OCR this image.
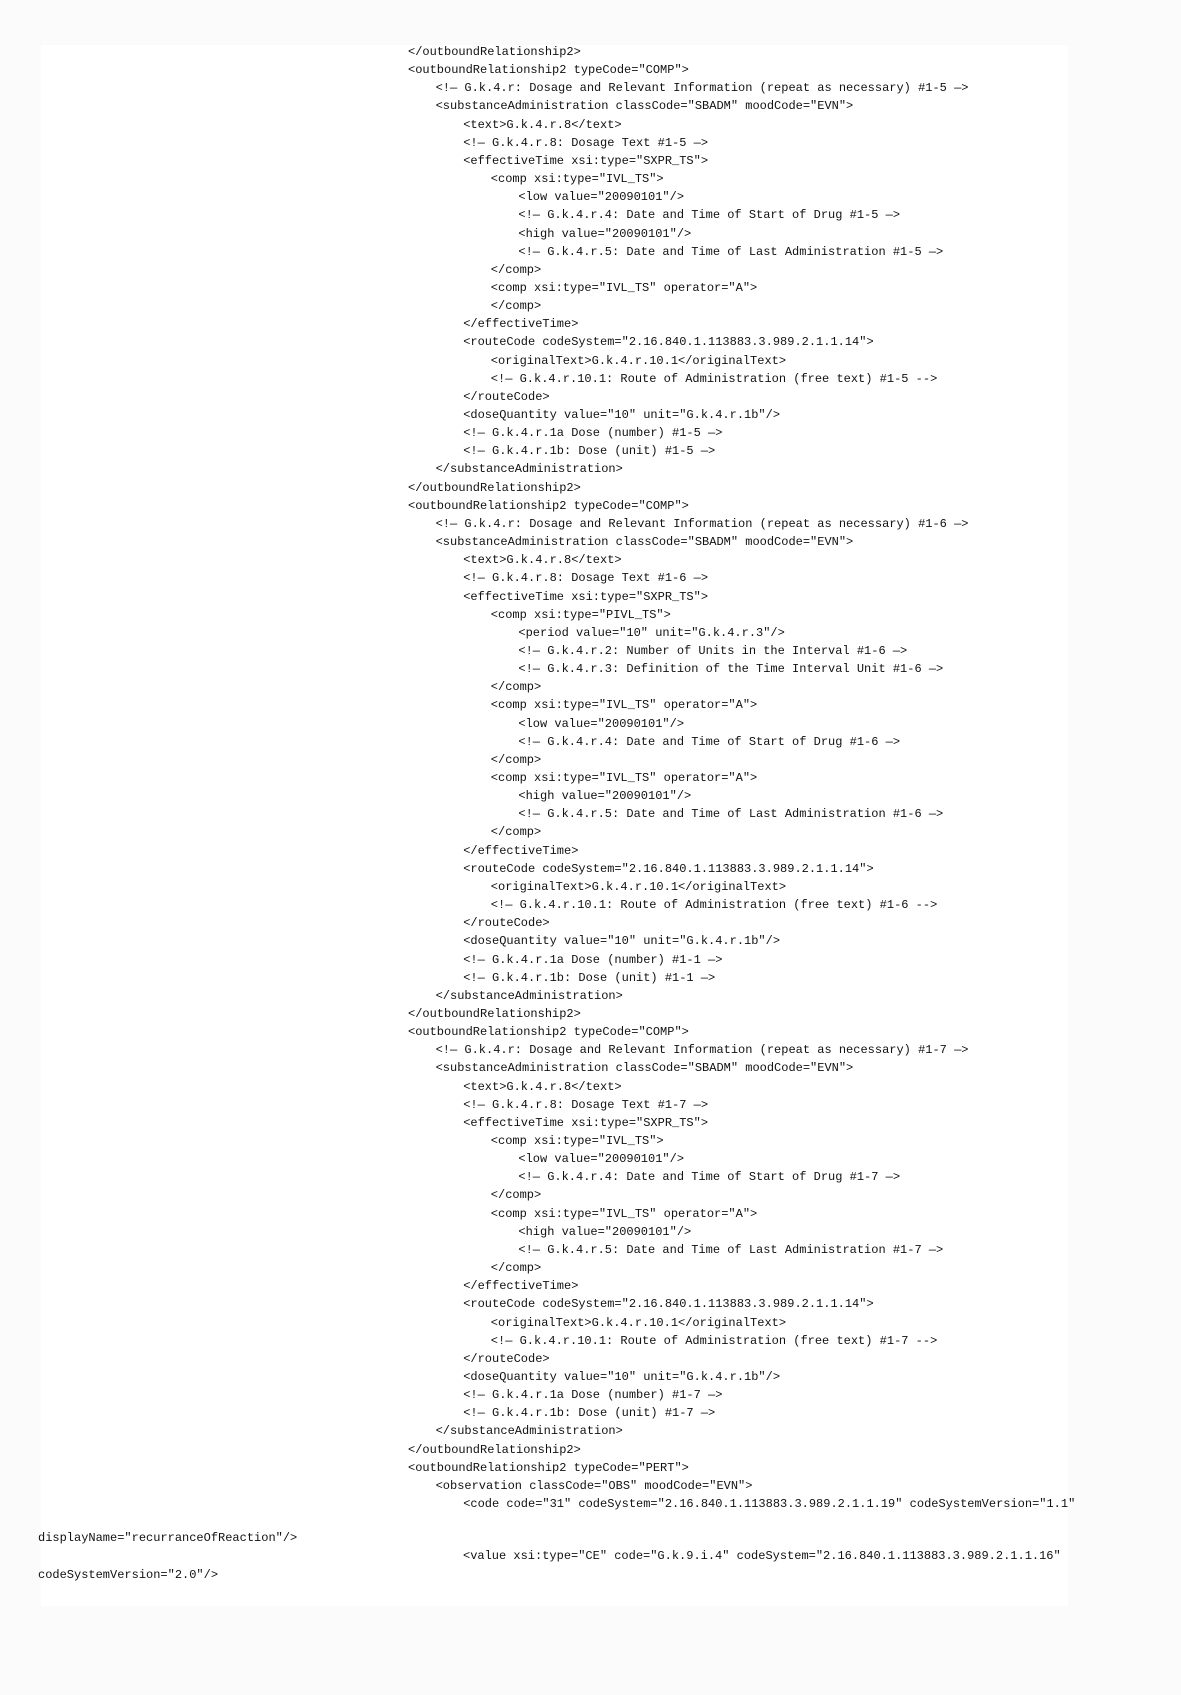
displayName="recurranceOfReaction"/>

<value xsi:type="CE" code="G.k.9.i.4" codeSystem="2.16.840.1.113883.3.989.2.1.1.16"

codeSystemVersion="2.0"/>

</outboundRelationship2>
<outboundRelationship2 typeCode="COMP">
<!— G.k.4.r: Dosage and Relevant Information (repeat as necessary) #1-5 —>
<substanceAdministration classCode="SBADM" moodCode="EVN">
<text>G.k.4.r.8</text>
<!— G.k.4.r.8: Dosage Text #1-5 —>
<effectiveTime xsi:type="SXPR_TS">
<comp xsi:type="IVL_TS">
<low value="20090101"/>
<!— G.k.4.r.4: Date and Time of Start of Drug #1-5 —>
<high value="20090101"/>
<!— G.k.4.r.5: Date and Time of Last Administration #1-5 —>
</comp>
<comp xsi:type="IVL_TS" operator="A">
</comp>
</effectiveTime>
<routeCode codeSystem="2.16.840.1.113883.3.989.2.1.1.14">
<originalText>G.k.4.r.10.1</originalText>
<!— G.k.4.r.10.1: Route of Administration (free text) #1-5 -->
</routeCode>
<doseQuantity value="10" unit="G.k.4.r.1b"/>
<!— G.k.4.r.1a Dose (number) #1-5 —>
<!— G.k.4.r.1b: Dose (unit) #1-5 —>
</substanceAdministration>
</outboundRelationship2>
<outboundRelationship2 typeCode="COMP">
<!— G.k.4.r: Dosage and Relevant Information (repeat as necessary) #1-6 —>
<substanceAdministration classCode="SBADM" moodCode="EVN">
<text>G.k.4.r.8</text>
<!— G.k.4.r.8: Dosage Text #1-6 —>
<effectiveTime xsi:type="SXPR_TS">
<comp xsi:type="PIVL_TS">
<period value="10" unit="G.k.4.r.3"/>
<!— G.k.4.r.2: Number of Units in the Interval #1-6 —>
<!— G.k.4.r.3: Definition of the Time Interval Unit #1-6 —>
</comp>
<comp xsi:type="IVL_TS" operator="A">
<low value="20090101"/>
<!— G.k.4.r.4: Date and Time of Start of Drug #1-6 —>
</comp>
<comp xsi:type="IVL_TS" operator="A">
<high value="20090101"/>
<!— G.k.4.r.5: Date and Time of Last Administration #1-6 —>
</comp>
</effectiveTime>
<routeCode codeSystem="2.16.840.1.113883.3.989.2.1.1.14">
<originalText>G.k.4.r.10.1</originalText>
<!— G.k.4.r.10.1: Route of Administration (free text) #1-6 -->
</routeCode>
<doseQuantity value="10" unit="G.k.4.r.1b"/>
<!— G.k.4.r.1a Dose (number) #1-1 —>
<!— G.k.4.r.1b: Dose (unit) #1-1 —>
</substanceAdministration>
</outboundRelationship2>
<outboundRelationship2 typeCode="COMP">
<!— G.k.4.r: Dosage and Relevant Information (repeat as necessary) #1-7 —>
<substanceAdministration classCode="SBADM" moodCode="EVN">
<text>G.k.4.r.8</text>
<!— G.k.4.r.8: Dosage Text #1-7 —>
<effectiveTime xsi:type="SXPR_TS">
<comp xsi:type="IVL_TS">
<low value="20090101"/>
<!— G.k.4.r.4: Date and Time of Start of Drug #1-7 —>
</comp>
<comp xsi:type="IVL_TS" operator="A">
<high value="20090101"/>
<!— G.k.4.r.5: Date and Time of Last Administration #1-7 —>
</comp>
</effectiveTime>
<routeCode codeSystem="2.16.840.1.113883.3.989.2.1.1.14">
<originalText>G.k.4.r.10.1</originalText>
<!— G.k.4.r.10.1: Route of Administration (free text) #1-7 -->
</routeCode>
<doseQuantity value="10" unit="G.k.4.r.1b"/>
<!— G.k.4.r.1a Dose (number) #1-7 —>
<!— G.k.4.r.1b: Dose (unit) #1-7 —>
</substanceAdministration>
</outboundRelationship2>
<outboundRelationship2 typeCode="PERT">
<observation classCode="OBS" moodCode="EVN">
<code code="31" codeSystem="2.16.840.1.113883.3.989.2.1.1.19" codeSystemVersion="1.1"
